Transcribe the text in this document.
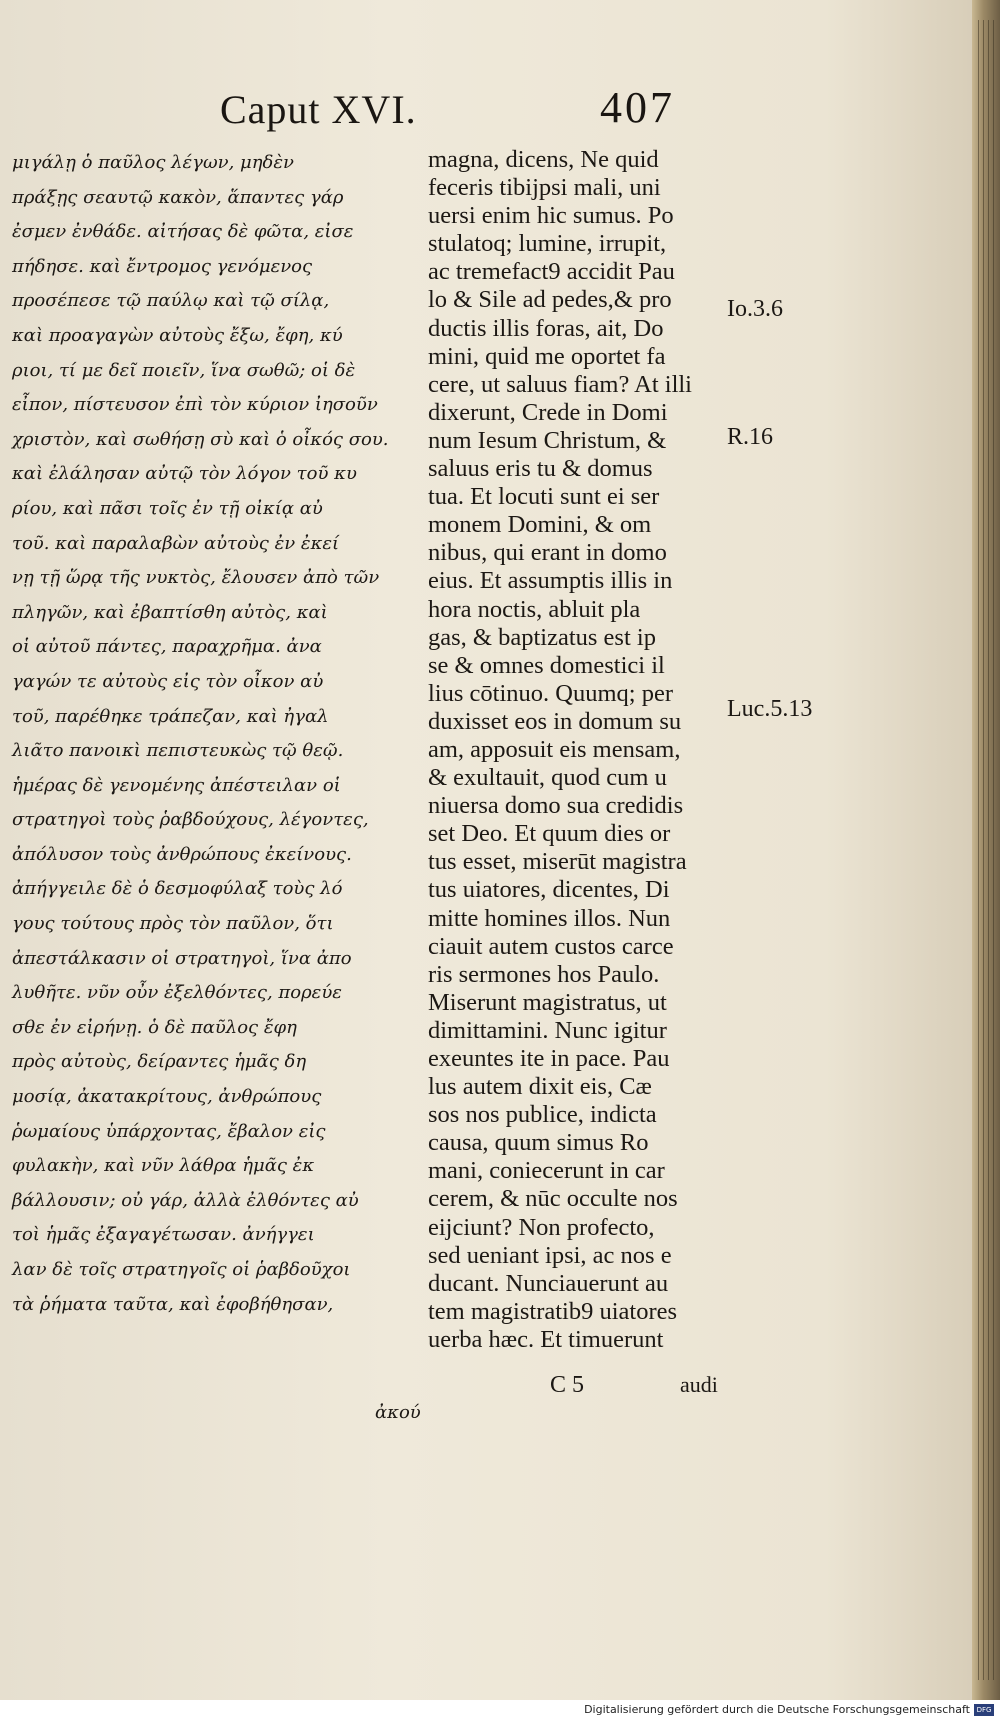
Caput XVI.	407
μιγάλῃ ὁ παῦλος λέγων, μηδὲν
πράξῃς σεαυτῷ κακὸν, ἅπαντες γάρ
ἐσμεν ἐνθάδε. αἰτήσας δὲ φῶτα, εἰσε
πήδησε. καὶ ἔντρομος γενόμενος
προσέπεσε τῷ παύλῳ καὶ τῷ σίλᾳ,
καὶ προαγαγὼν αὐτοὺς ἔξω, ἔφη, κύ
ριοι, τί με δεῖ ποιεῖν, ἵνα σωθῶ; οἱ δὲ
εἶπον, πίστευσον ἐπὶ τὸν κύριον ἰησοῦν
χριστὸν, καὶ σωθήσῃ σὺ καὶ ὁ οἶκός σου.
καὶ ἐλάλησαν αὐτῷ τὸν λόγον τοῦ κυ
ρίου, καὶ πᾶσι τοῖς ἐν τῇ οἰκίᾳ αὐ
τοῦ. καὶ παραλαβὼν αὐτοὺς ἐν ἐκεί
νῃ τῇ ὥρᾳ τῆς νυκτὸς, ἔλουσεν ἀπὸ τῶν
πληγῶν, καὶ ἐβαπτίσθη αὐτὸς, καὶ
οἱ αὐτοῦ πάντες, παραχρῆμα. ἀνα
γαγών τε αὐτοὺς εἰς τὸν οἶκον αὐ
τοῦ, παρέθηκε τράπεζαν, καὶ ἠγαλ
λιᾶτο πανοικὶ πεπιστευκὼς τῷ θεῷ.
ἡμέρας δὲ γενομένης ἀπέστειλαν οἱ
στρατηγοὶ τοὺς ῥαβδούχους, λέγοντες,
ἀπόλυσον τοὺς ἀνθρώπους ἐκείνους.
ἀπήγγειλε δὲ ὁ δεσμοφύλαξ τοὺς λό
γους τούτους πρὸς τὸν παῦλον, ὅτι
ἀπεστάλκασιν οἱ στρατηγοὶ, ἵνα ἀπο
λυθῆτε. νῦν οὖν ἐξελθόντες, πορεύε
σθε ἐν εἰρήνῃ. ὁ δὲ παῦλος ἔφη
πρὸς αὐτοὺς, δείραντες ἡμᾶς δη
μοσίᾳ, ἀκατακρίτους, ἀνθρώπους
ῥωμαίους ὑπάρχοντας, ἔβαλον εἰς
φυλακὴν, καὶ νῦν λάθρα ἡμᾶς ἐκ
βάλλουσιν; οὐ γάρ, ἀλλὰ ἐλθόντες αὐ
τοὶ ἡμᾶς ἐξαγαγέτωσαν. ἀνήγγει
λαν δὲ τοῖς στρατηγοῖς οἱ ῥαβδοῦχοι
τὰ ῥήματα ταῦτα, καὶ ἐφοβήθησαν,
magna, dicens, Ne quid
feceris tibijpsi mali, uni
uersi enim hic sumus. Po
stulatoq; lumine, irrupit,
ac tremefact9 accidit Pau
lo & Sile ad pedes,& pro
ductis illis foras, ait, Do
mini, quid me oportet fa
cere, ut saluus fiam? At illi
dixerunt, Crede in Domi
num Iesum Christum, &
saluus eris tu & domus
tua. Et locuti sunt ei ser
monem Domini, & om
nibus, qui erant in domo
eius. Et assumptis illis in
hora noctis, abluit pla
gas, & baptizatus est ip
se & omnes domestici il
lius cōtinuo. Quumq; per
duxisset eos in domum su
am, apposuit eis mensam,
& exultauit, quod cum u
niuersa domo sua credidis
set Deo. Et quum dies or
tus esset, miserūt magistra
tus uiatores, dicentes, Di
mitte homines illos. Nun
ciauit autem custos carce
ris sermones hos Paulo.
Miserunt magistratus, ut
dimittamini. Nunc igitur
exeuntes ite in pace. Pau
lus autem dixit eis, Cæ
sos nos publice, indicta
causa, quum simus Ro
mani, coniecerunt in car
cerem, & nūc occulte nos
eijciunt? Non profecto,
sed ueniant ipsi, ac nos e
ducant. Nunciauerunt au
tem magistratib9 uiatores
uerba hæc. Et timuerunt
ἀκού
C 5	audi
Io.3.6
R.16
Luc.5.13
Digitalisierung gefördert durch die Deutsche Forschungsgemeinschaft DFG
